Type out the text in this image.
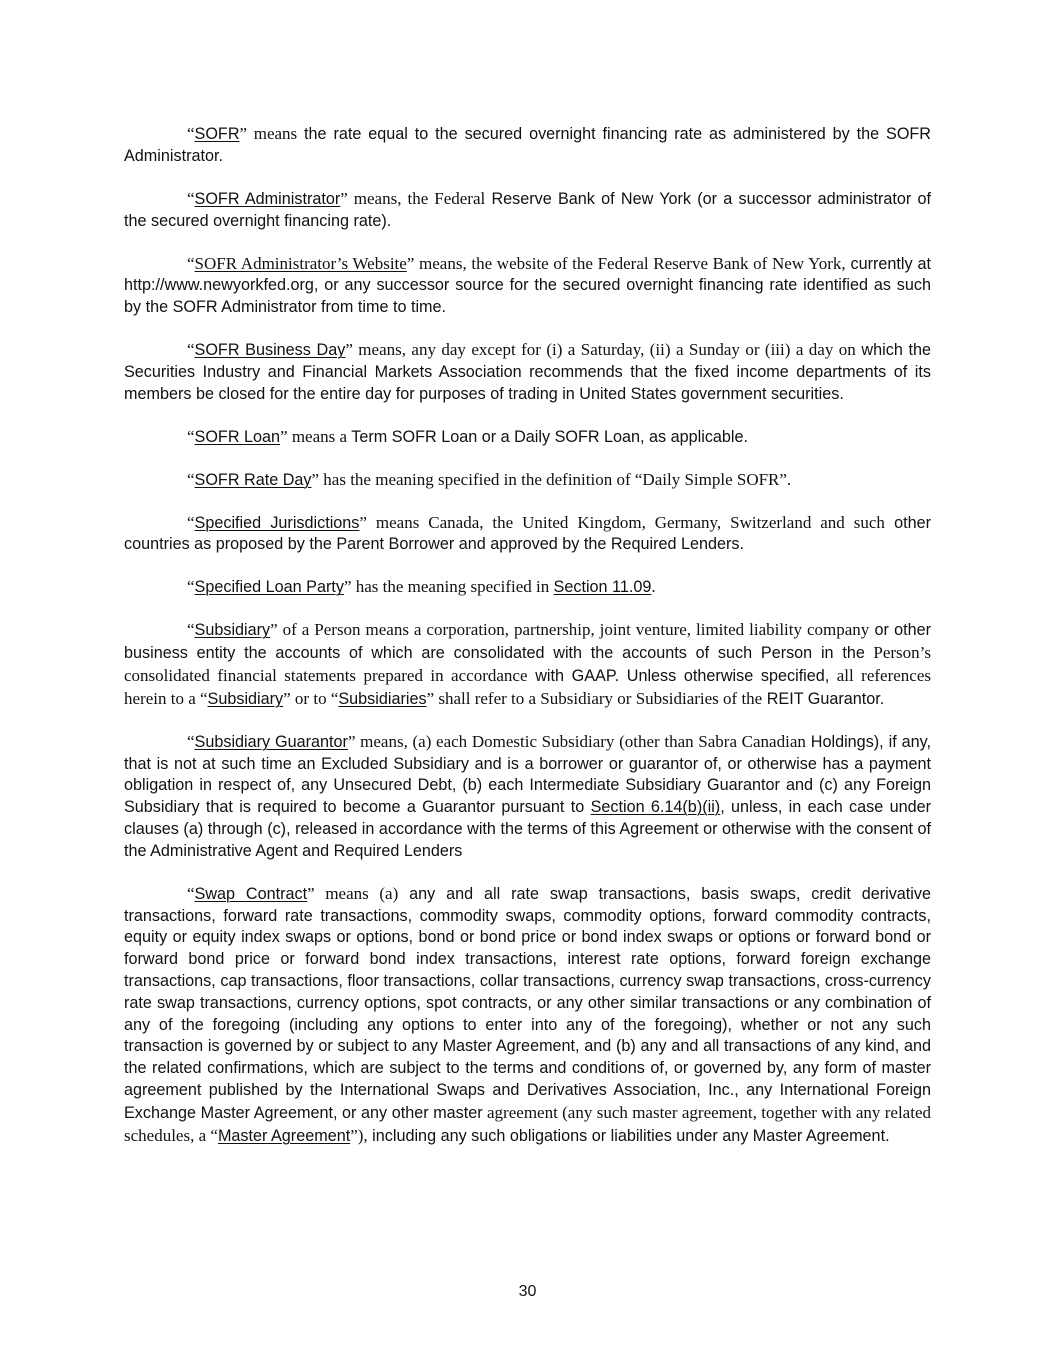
“SOFR” means the rate equal to the secured overnight financing rate as administered by the SOFR Administrator.

“SOFR Administrator” means, the Federal Reserve Bank of New York (or a successor administrator of the secured overnight financing rate).

“SOFR Administrator’s Website” means, the website of the Federal Reserve Bank of New York, currently at http://www.newyorkfed.org, or any successor source for the secured overnight financing rate identified as such by the SOFR Administrator from time to time.

“SOFR Business Day” means, any day except for (i) a Saturday, (ii) a Sunday or (iii) a day on which the Securities Industry and Financial Markets Association recommends that the fixed income departments of its members be closed for the entire day for purposes of trading in United States government securities.

“SOFR Loan” means a Term SOFR Loan or a Daily SOFR Loan, as applicable.

“SOFR Rate Day” has the meaning specified in the definition of “Daily Simple SOFR”.

“Specified Jurisdictions” means Canada, the United Kingdom, Germany, Switzerland and such other countries as proposed by the Parent Borrower and approved by the Required Lenders.

“Specified Loan Party” has the meaning specified in Section 11.09.

“Subsidiary” of a Person means a corporation, partnership, joint venture, limited liability company or other business entity the accounts of which are consolidated with the accounts of such Person in the Person’s consolidated financial statements prepared in accordance with GAAP. Unless otherwise specified, all references herein to a “Subsidiary” or to “Subsidiaries” shall refer to a Subsidiary or Subsidiaries of the REIT Guarantor.

“Subsidiary Guarantor” means, (a) each Domestic Subsidiary (other than Sabra Canadian Holdings), if any, that is not at such time an Excluded Subsidiary and is a borrower or guarantor of, or otherwise has a payment obligation in respect of, any Unsecured Debt, (b) each Intermediate Subsidiary Guarantor and (c) any Foreign Subsidiary that is required to become a Guarantor pursuant to Section 6.14(b)(ii), unless, in each case under clauses (a) through (c), released in accordance with the terms of this Agreement or otherwise with the consent of the Administrative Agent and Required Lenders

“Swap Contract” means (a) any and all rate swap transactions, basis swaps, credit derivative transactions, forward rate transactions, commodity swaps, commodity options, forward commodity contracts, equity or equity index swaps or options, bond or bond price or bond index swaps or options or forward bond or forward bond price or forward bond index transactions, interest rate options, forward foreign exchange transactions, cap transactions, floor transactions, collar transactions, currency swap transactions, cross-currency rate swap transactions, currency options, spot contracts, or any other similar transactions or any combination of any of the foregoing (including any options to enter into any of the foregoing), whether or not any such transaction is governed by or subject to any Master Agreement, and (b) any and all transactions of any kind, and the related confirmations, which are subject to the terms and conditions of, or governed by, any form of master agreement published by the International Swaps and Derivatives Association, Inc., any International Foreign Exchange Master Agreement, or any other master agreement (any such master agreement, together with any related schedules, a “Master Agreement”), including any such obligations or liabilities under any Master Agreement.

30
